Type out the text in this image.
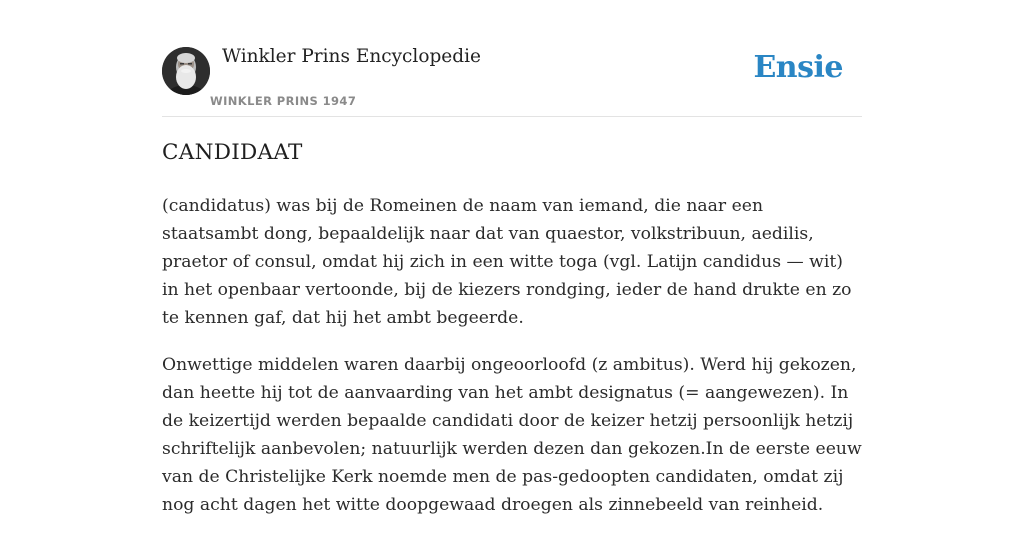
Winkler Prins Encyclopedie
WINKLER PRINS 1947
Ensie
CANDIDAAT

(candidatus) was bij de Romeinen de naam van iemand, die naar een staatsambt dong, bepaaldelijk naar dat van quaestor, volkstribuun, aedilis, praetor of consul, omdat hij zich in een witte toga (vgl. Latijn candidus — wit) in het openbaar vertoonde, bij de kiezers rondging, ieder de hand drukte en zo te kennen gaf, dat hij het ambt begeerde.

Onwettige middelen waren daarbij ongeoorloofd (z ambitus). Werd hij gekozen, dan heette hij tot de aanvaarding van het ambt designatus (= aangewezen). In de keizertijd werden bepaalde candidati door de keizer hetzij persoonlijk hetzij schriftelijk aanbevolen; natuurlijk werden dezen dan gekozen.In de eerste eeuw van de Christelijke Kerk noemde men de pas-gedoopten candidaten, omdat zij nog acht dagen het witte doopgewaad droegen als zinnebeeld van reinheid.
